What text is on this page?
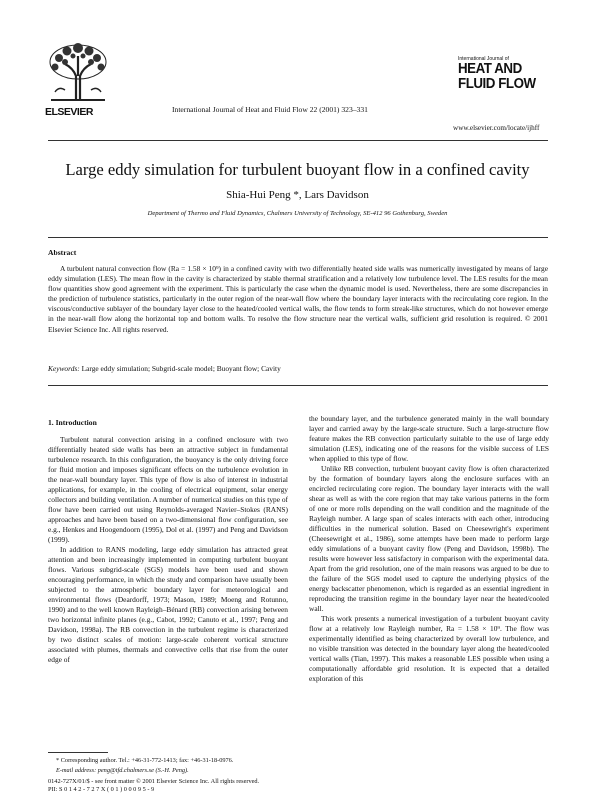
ELSEVIER	International Journal of Heat and Fluid Flow 22 (2001) 323–331
International Journal of
HEAT AND
FLUID FLOW
www.elsevier.com/locate/ijhff
Large eddy simulation for turbulent buoyant flow in a confined cavity
Shia-Hui Peng *, Lars Davidson
Department of Thermo and Fluid Dynamics, Chalmers University of Technology, SE-412 96 Gothenburg, Sweden
Abstract
A turbulent natural convection flow (Ra = 1.58 × 10⁹) in a confined cavity with two differentially heated side walls was numerically investigated by means of large eddy simulation (LES). The mean flow in the cavity is characterized by stable thermal stratification and a relatively low turbulence level. The LES results for the mean flow quantities show good agreement with the experiment. This is particularly the case when the dynamic model is used. Nevertheless, there are some discrepancies in the prediction of turbulence statistics, particularly in the outer region of the near-wall flow where the boundary layer interacts with the recirculating core region. In the viscous/conductive sublayer of the boundary layer close to the heated/cooled vertical walls, the flow tends to form streak-like structures, which do not however emerge in the near-wall flow along the horizontal top and bottom walls. To resolve the flow structure near the vertical walls, sufficient grid resolution is required. © 2001 Elsevier Science Inc. All rights reserved.
Keywords: Large eddy simulation; Subgrid-scale model; Buoyant flow; Cavity
1. Introduction

Turbulent natural convection arising in a confined enclosure with two differentially heated side walls has been an attractive subject in fundamental turbulence research. In this configuration, the buoyancy is the only driving force for fluid motion and imposes significant effects on the turbulence evolution in the near-wall boundary layer. This type of flow is also of interest in industrial applications, for example, in the cooling of electrical equipment, solar energy collectors and building ventilation. A number of numerical studies on this type of flow have been carried out using Reynolds-averaged Navier–Stokes (RANS) approaches and have been based on a two-dimensional flow configuration, see e.g., Henkes and Hoogendoorn (1995), Dol et al. (1997) and Peng and Davidson (1999).

In addition to RANS modeling, large eddy simulation has attracted great attention and been increasingly implemented in computing turbulent buoyant flows. Various subgrid-scale (SGS) models have been used and shown encouraging performance, in which the study and comparison have usually been subjected to the atmospheric boundary layer for meteorological and environmental flows (Deardorff, 1973; Mason, 1989; Moeng and Rotunno, 1990) and to the well known Rayleigh–Bénard (RB) convection arising between two horizontal infinite planes (e.g., Cabot, 1992; Canuto et al., 1997; Peng and Davidson, 1998a). The RB convection in the turbulent regime is characterized by two distinct scales of motion: large-scale coherent vortical structure associated with plumes, thermals and convective cells that rise from the outer edge of

the boundary layer, and the turbulence generated mainly in the wall boundary layer and carried away by the large-scale structure. Such a large-structure flow feature makes the RB convection particularly suitable to the use of large eddy simulation (LES), indicating one of the reasons for the visible success of LES when applied to this type of flow.

Unlike RB convection, turbulent buoyant cavity flow is often characterized by the formation of boundary layers along the enclosure surfaces with an encircled recirculating core region. The boundary layer interacts with the wall shear as well as with the core region that may take various patterns in the form of one or more rolls depending on the wall condition and the magnitude of the Rayleigh number. A large span of scales interacts with each other, introducing difficulties in the numerical solution. Based on Cheesewright's experiment (Cheesewright et al., 1986), some attempts have been made to perform large eddy simulations of a buoyant cavity flow (Peng and Davidson, 1998b). The results were however less satisfactory in comparison with the experimental data. Apart from the grid resolution, one of the main reasons was argued to be due to the failure of the SGS model used to capture the underlying physics of the energy backscatter phenomenon, which is regarded as an essential ingredient in reproducing the transition regime in the boundary layer near the heated/cooled wall.

This work presents a numerical investigation of a turbulent buoyant cavity flow at a relatively low Rayleigh number, Ra = 1.58 × 10⁹. The flow was experimentally identified as being characterized by overall low turbulence, and no visible transition was detected in the boundary layer along the heated/cooled vertical walls (Tian, 1997). This makes a reasonable LES possible when using a computationally affordable grid resolution. It is expected that a detailed exploration of this

* Corresponding author. Tel.: +46-31-772-1413; fax: +46-31-18-0976.
E-mail address: peng@tfd.chalmers.se (S.-H. Peng).
0142-727X/01/$ - see front matter © 2001 Elsevier Science Inc. All rights reserved.
PII: S 0 1 4 2 - 7 2 7 X ( 0 1 ) 0 0 0 9 5 - 9
